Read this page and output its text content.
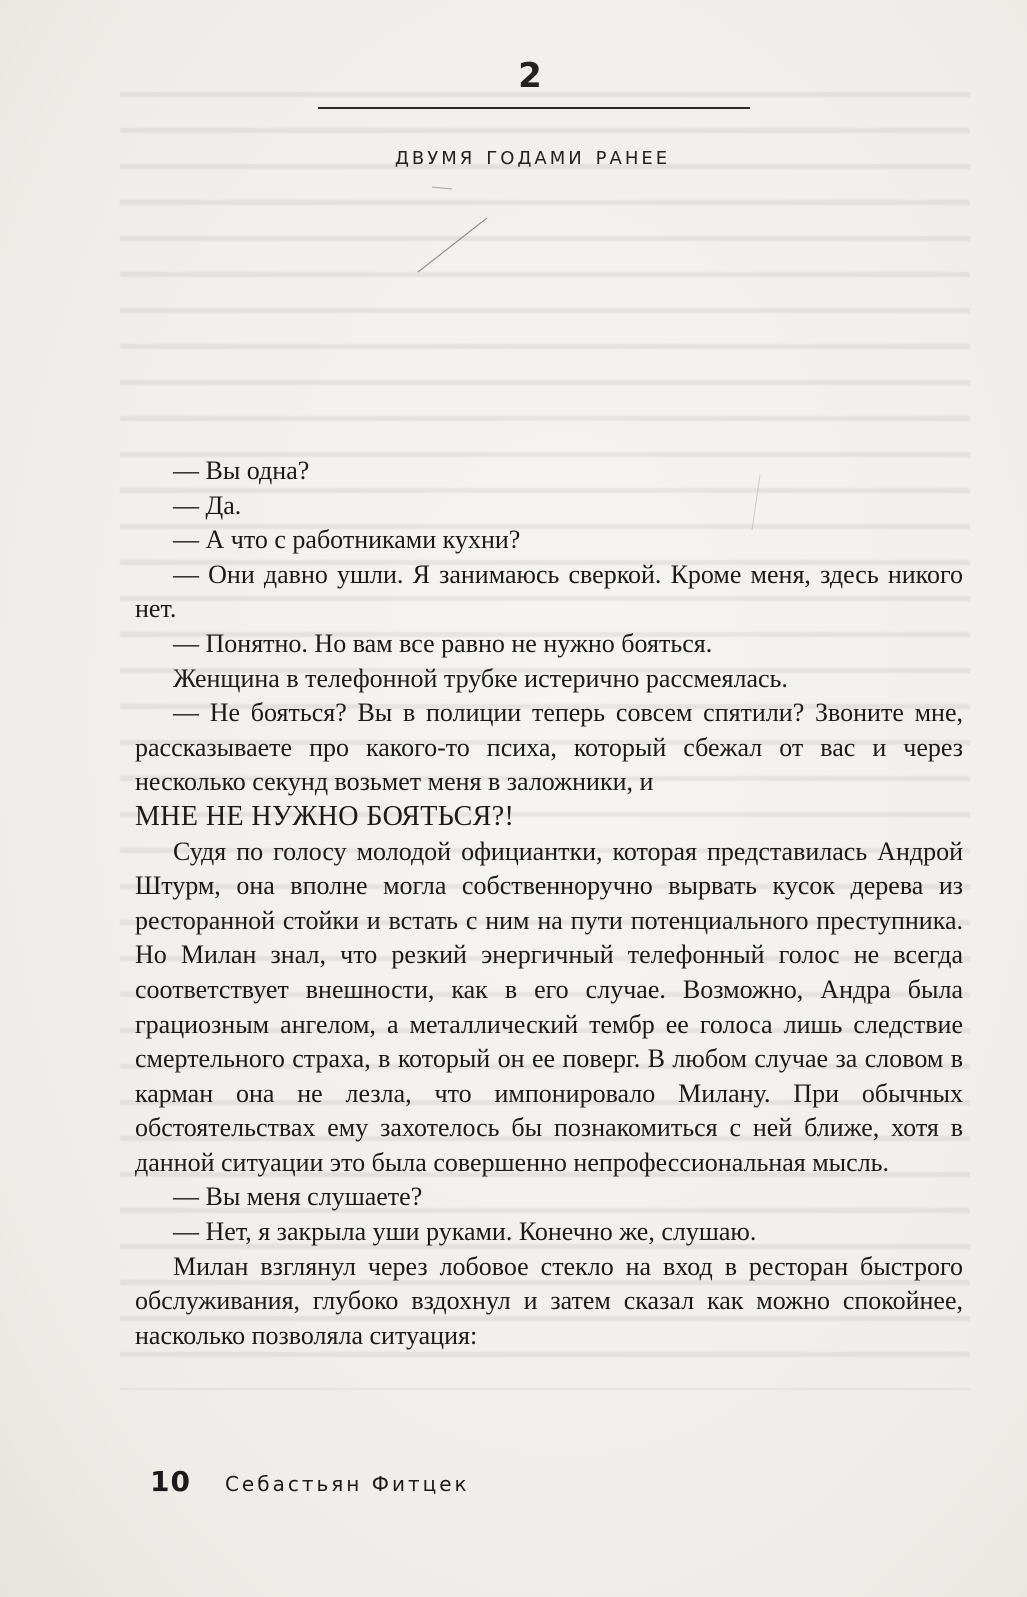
2
двумя годами ранее

— Вы одна?

— Да.

— А что с работниками кухни?

— Они давно ушли. Я занимаюсь сверкой. Кроме меня, здесь никого нет.

— Понятно. Но вам все равно не нужно бояться.

Женщина в телефонной трубке истерично рассмеялась.

— Не бояться? Вы в полиции теперь совсем спятили? Звоните мне, рассказываете про какого-то психа, который сбежал от вас и через несколько секунд возьмет меня в заложники, и

МНЕ НЕ НУЖНО БОЯТЬСЯ?!

Судя по голосу молодой официантки, которая представилась Андрой Штурм, она вполне могла собственноручно вырвать кусок дерева из ресторанной стойки и встать с ним на пути потенциального преступника. Но Милан знал, что резкий энергичный телефонный голос не всегда соответствует внешности, как в его случае. Возможно, Андра была грациозным ангелом, а металлический тембр ее голоса лишь следствие смертельного страха, в который он ее поверг. В любом случае за словом в карман она не лезла, что импонировало Милану. При обычных обстоятельствах ему захотелось бы познакомиться с ней ближе, хотя в данной ситуации это была совершенно непрофессиональная мысль.

— Вы меня слушаете?

— Нет, я закрыла уши руками. Конечно же, слушаю.

Милан взглянул через лобовое стекло на вход в ресторан быстрого обслуживания, глубоко вздохнул и затем сказал как можно спокойнее, насколько позволяла ситуация:

10 Себастьян Фитцек
